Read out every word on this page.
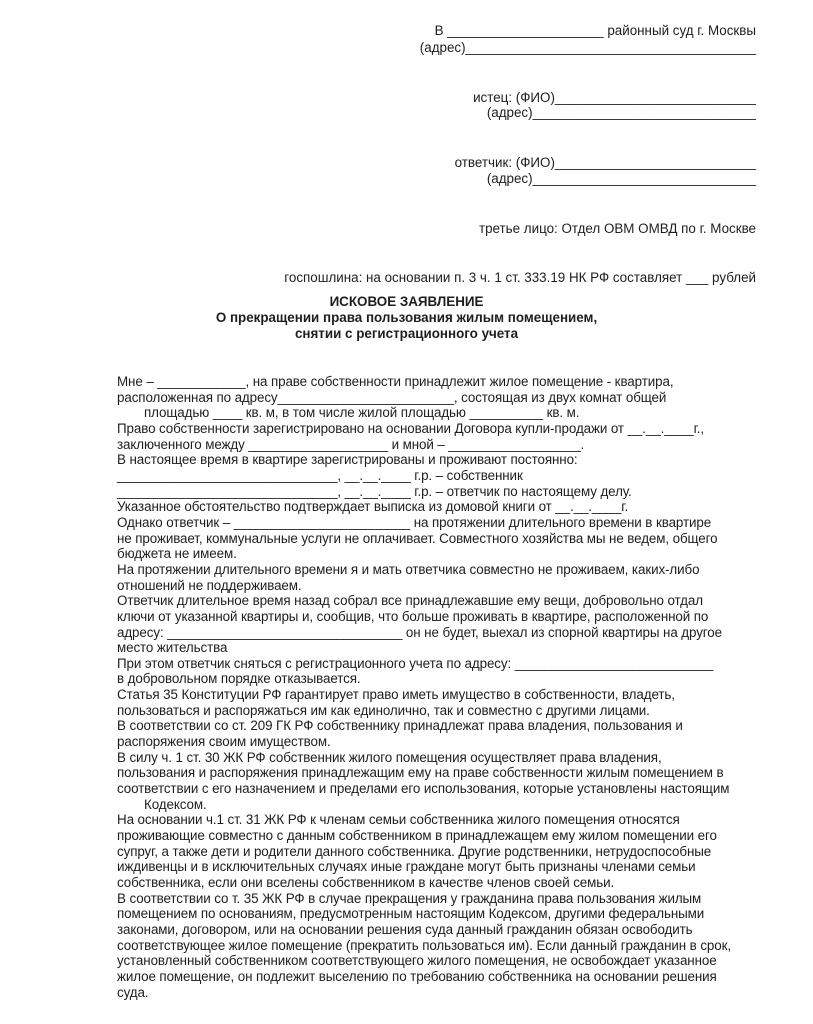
В _____________________ районный суд г. Москвы
(адрес)_______________________________________
истец: (ФИО)___________________________
(адрес)______________________________
ответчик: (ФИО)___________________________
(адрес)______________________________
третье лицо: Отдел ОВМ ОМВД по г. Москве
госпошлина: на основании п. 3 ч. 1 ст. 333.19 НК РФ составляет ___ рублей
ИСКОВОЕ ЗАЯВЛЕНИЕ
О прекращении права пользования жилым помещением,
снятии с регистрационного учета
Мне – ____________, на праве собственности принадлежит жилое помещение - квартира,
расположенная по адресу________________________, состоящая из двух комнат общей
площадью ____ кв. м, в том числе жилой площадью __________ кв. м.
Право собственности зарегистрировано на основании Договора купли-продажи от __.__.____г.,
заключенного между ___________________ и мной – __________________.
В настоящее время в квартире зарегистрированы и проживают постоянно:
______________________________, __.__.____ г.р. – собственник
______________________________, __.__.____ г.р. – ответчик по настоящему делу.
Указанное обстоятельство подтверждает выписка из домовой книги от __.__.____г.
Однако ответчик – ________________________ на протяжении длительного времени в квартире
не проживает, коммунальные услуги не оплачивает. Совместного хозяйства мы не ведем, общего
бюджета не имеем.
На протяжении длительного времени я и мать ответчика совместно не проживаем, каких-либо
отношений не поддерживаем.
Ответчик длительное время назад собрал все принадлежавшие ему вещи, добровольно отдал
ключи от указанной квартиры и, сообщив, что больше проживать в квартире, расположенной по
адресу: ________________________________ он не будет, выехал из спорной квартиры на другое
место жительства
При этом ответчик сняться с регистрационного учета по адресу: ___________________________
в добровольном порядке отказывается.
Статья 35 Конституции РФ гарантирует право иметь имущество в собственности, владеть,
пользоваться и распоряжаться им как единолично, так и совместно с другими лицами.
В соответствии со ст. 209 ГК РФ собственнику принадлежат права владения, пользования и
распоряжения своим имуществом.
В силу ч. 1 ст. 30 ЖК РФ собственник жилого помещения осуществляет права владения,
пользования и распоряжения принадлежащим ему на праве собственности жилым помещением в
соответствии с его назначением и пределами его использования, которые установлены настоящим
Кодексом.
На основании ч.1 ст. 31 ЖК РФ к членам семьи собственника жилого помещения относятся
проживающие совместно с данным собственником в принадлежащем ему жилом помещении его
супруг, а также дети и родители данного собственника. Другие родственники, нетрудоспособные
иждивенцы и в исключительных случаях иные граждане могут быть признаны членами семьи
собственника, если они вселены собственником в качестве членов своей семьи.
В соответствии со т. 35 ЖК РФ в случае прекращения у гражданина права пользования жилым
помещением по основаниям, предусмотренным настоящим Кодексом, другими федеральными
законами, договором, или на основании решения суда данный гражданин обязан освободить
соответствующее жилое помещение (прекратить пользоваться им). Если данный гражданин в срок,
установленный собственником соответствующего жилого помещения, не освобождает указанное
жилое помещение, он подлежит выселению по требованию собственника на основании решения
суда.
